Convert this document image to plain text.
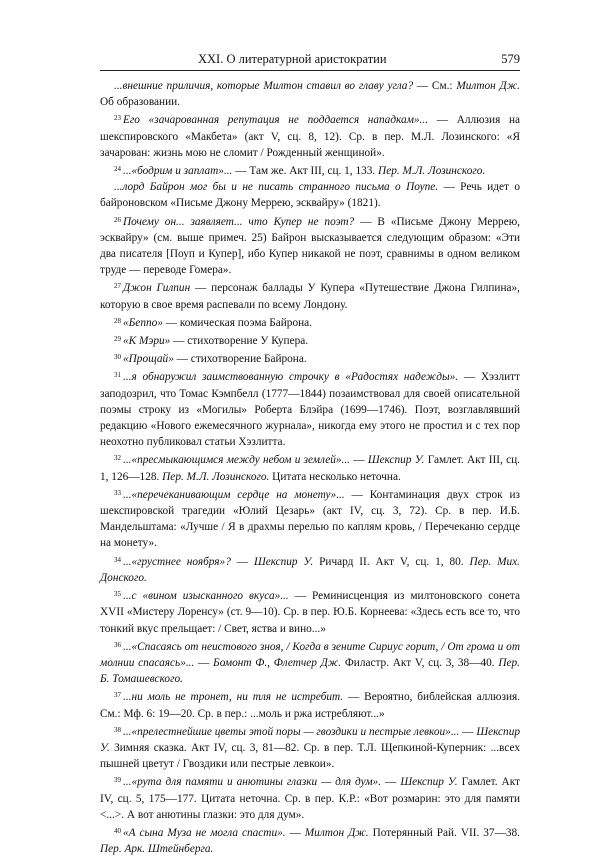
XXI. О литературной аристократии	579

...внешние приличия, которые Милтон ставил во главу угла? — См.: Милтон Дж. Об образовании.

$^{23}$ Его «зачарованная репутация не поддается нападкам»... — Аллюзия на шекспировского «Макбета» (акт V, сц. 8, 12). Ср. в пер. М.Л. Лозинского: «Я зачарован: жизнь мою не сломит / Рожденный женщиной».

$^{24}$ ...«бодрим и заплат»... — Там же. Акт III, сц. 1, 133. Пер. М.Л. Лозинского.

...лорд Байрон мог бы и не писать странного письма о Поупе. — Речь идет о байроновском «Письме Джону Меррею, эсквайру» (1821).

$^{26}$ Почему он... заявляет... что Купер не поэт? — В «Письме Джону Меррею, эсквайру» (см. выше примеч. 25) Байрон высказывается следующим образом: «Эти два писателя [Поуп и Купер], ибо Купер никакой не поэт, сравнимы в одном великом труде — переводе Гомера».

$^{27}$ Джон Гилпин — персонаж баллады У Купера «Путешествие Джона Гилпина», которую в свое время распевали по всему Лондону.

$^{28}$ «Беппо» — комическая поэма Байрона.

$^{29}$ «К Мэри» — стихотворение У Купера.

$^{30}$ «Прощай» — стихотворение Байрона.

$^{31}$ ...я обнаружил заимствованную строчку в «Радостях надежды». — Хэзлитт заподозрил, что Томас Кэмпбелл (1777—1844) позаимствовал для своей описательной поэмы строку из «Могилы» Роберта Блэйра (1699—1746). Поэт, возглавлявший редакцию «Нового ежемесячного журнала», никогда ему этого не простил и с тех пор неохотно публиковал статьи Хэзлитта.

$^{32}$ ...«пресмыкающимся между небом и землей»... — Шекспир У. Гамлет. Акт III, сц. 1, 126—128. Пер. М.Л. Лозинского. Цитата несколько неточна.

$^{33}$ ...«перечеканивающим сердце на монету»... — Контаминация двух строк из шекспировской трагедии «Юлий Цезарь» (акт IV, сц. 3, 72). Ср. в пер. И.Б. Мандельштама: «Лучше / Я в драхмы перелью по каплям кровь, / Перечеканю сердце на монету».

$^{34}$ ...«грустнее ноября»? — Шекспир У. Ричард II. Акт V, сц. 1, 80. Пер. Мих. Донского.

$^{35}$ ...с «вином изысканного вкуса»... — Реминисценция из милтоновского сонета XVII «Мистеру Лоренсу» (ст. 9—10). Ср. в пер. Ю.Б. Корнеева: «Здесь есть все то, что тонкий вкус прельщает: / Свет, яства и вино...»

$^{36}$ ...«Спасаясь от неистового зноя, / Когда в зените Сириус горит, / От грома и от молнии спасаясь»... — Бомонт Ф., Флетчер Дж. Филастр. Акт V, сц. 3, 38—40. Пер. Б. Томашевского.

$^{37}$ ...ни моль не тронет, ни тля не истребит. — Вероятно, библейская аллюзия. См.: Мф. 6: 19—20. Ср. в пер.: ...моль и ржа истребляют...»

$^{38}$ ...«прелестнейшие цветы этой поры — гвоздики и пестрые левкои»... — Шекспир У. Зимняя сказка. Акт IV, сц. 3, 81—82. Ср. в пер. Т.Л. Щепкиной-Куперник: ...всех пышней цветут / Гвоздики или пестрые левкои».

$^{39}$ ...«рута для памяти и анютины глазки — для дум». — Шекспир У. Гамлет. Акт IV, сц. 5, 175—177. Цитата неточна. Ср. в пер. К.Р.: «Вот розмарин: это для памяти <...>. А вот анютины глазки: это для дум».

$^{40}$ «А сына Муза не могла спасти». — Милтон Дж. Потерянный Рай. VII. 37—38. Пер. Арк. Штейнберга.
